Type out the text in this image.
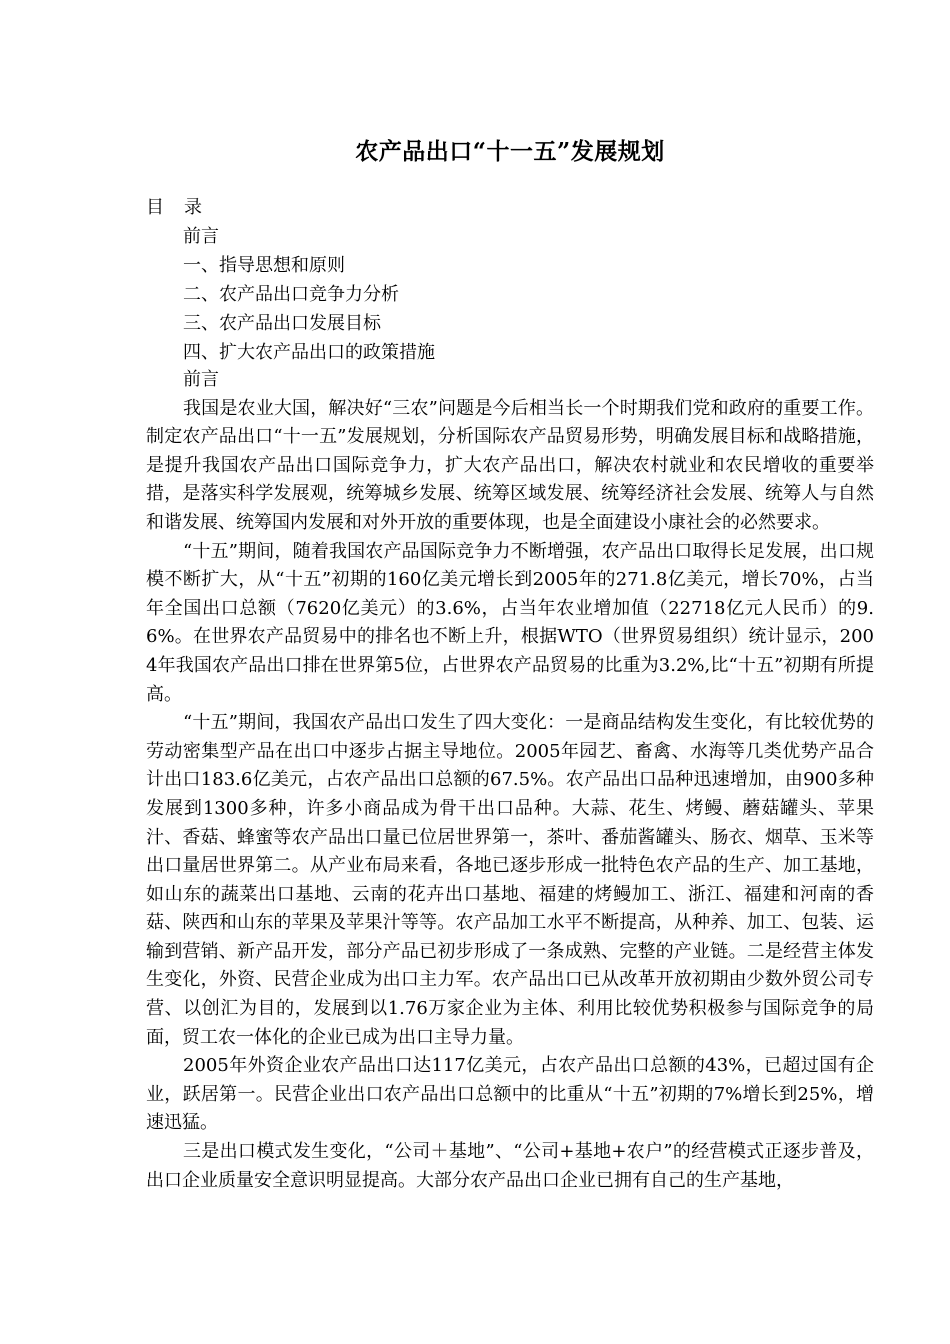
农产品出口“十一五”发展规划
目 录
前言
一、指导思想和原则
二、农产品出口竞争力分析
三、农产品出口发展目标
四、扩大农产品出口的政策措施

前言

我国是农业大国，解决好“三农”问题是今后相当长一个时期我们党和政府的重要工作。制定农产品出口“十一五”发展规划，分析国际农产品贸易形势，明确发展目标和战略措施，是提升我国农产品出口国际竞争力，扩大农产品出口，解决农村就业和农民增收的重要举措，是落实科学发展观，统筹城乡发展、统筹区域发展、统筹经济社会发展、统筹人与自然和谐发展、统筹国内发展和对外开放的重要体现，也是全面建设小康社会的必然要求。

“十五”期间，随着我国农产品国际竞争力不断增强，农产品出口取得长足发展，出口规模不断扩大，从“十五”初期的160亿美元增长到2005年的271.8亿美元，增长70%，占当年全国出口总额（7620亿美元）的3.6%，占当年农业增加值（22718亿元人民币）的9.6%。在世界农产品贸易中的排名也不断上升，根据WTO（世界贸易组织）统计显示，2004年我国农产品出口排在世界第5位，占世界农产品贸易的比重为3.2%,比“十五”初期有所提高。

“十五”期间，我国农产品出口发生了四大变化：一是商品结构发生变化，有比较优势的劳动密集型产品在出口中逐步占据主导地位。2005年园艺、畜禽、水海等几类优势产品合计出口183.6亿美元，占农产品出口总额的67.5%。农产品出口品种迅速增加，由900多种发展到1300多种，许多小商品成为骨干出口品种。大蒜、花生、烤鳗、蘑菇罐头、苹果汁、香菇、蜂蜜等农产品出口量已位居世界第一，茶叶、番茄酱罐头、肠衣、烟草、玉米等出口量居世界第二。从产业布局来看，各地已逐步形成一批特色农产品的生产、加工基地，如山东的蔬菜出口基地、云南的花卉出口基地、福建的烤鳗加工、浙江、福建和河南的香菇、陕西和山东的苹果及苹果汁等等。农产品加工水平不断提高，从种养、加工、包装、运输到营销、新产品开发，部分产品已初步形成了一条成熟、完整的产业链。二是经营主体发生变化，外资、民营企业成为出口主力军。农产品出口已从改革开放初期由少数外贸公司专营、以创汇为目的，发展到以1.76万家企业为主体、利用比较优势积极参与国际竞争的局面，贸工农一体化的企业已成为出口主导力量。

2005年外资企业农产品出口达117亿美元，占农产品出口总额的43%，已超过国有企业，跃居第一。民营企业出口农产品出口总额中的比重从“十五”初期的7%增长到25%，增速迅猛。

三是出口模式发生变化，“公司＋基地”、“公司+基地+农户”的经营模式正逐步普及，出口企业质量安全意识明显提高。大部分农产品出口企业已拥有自己的生产基地，
